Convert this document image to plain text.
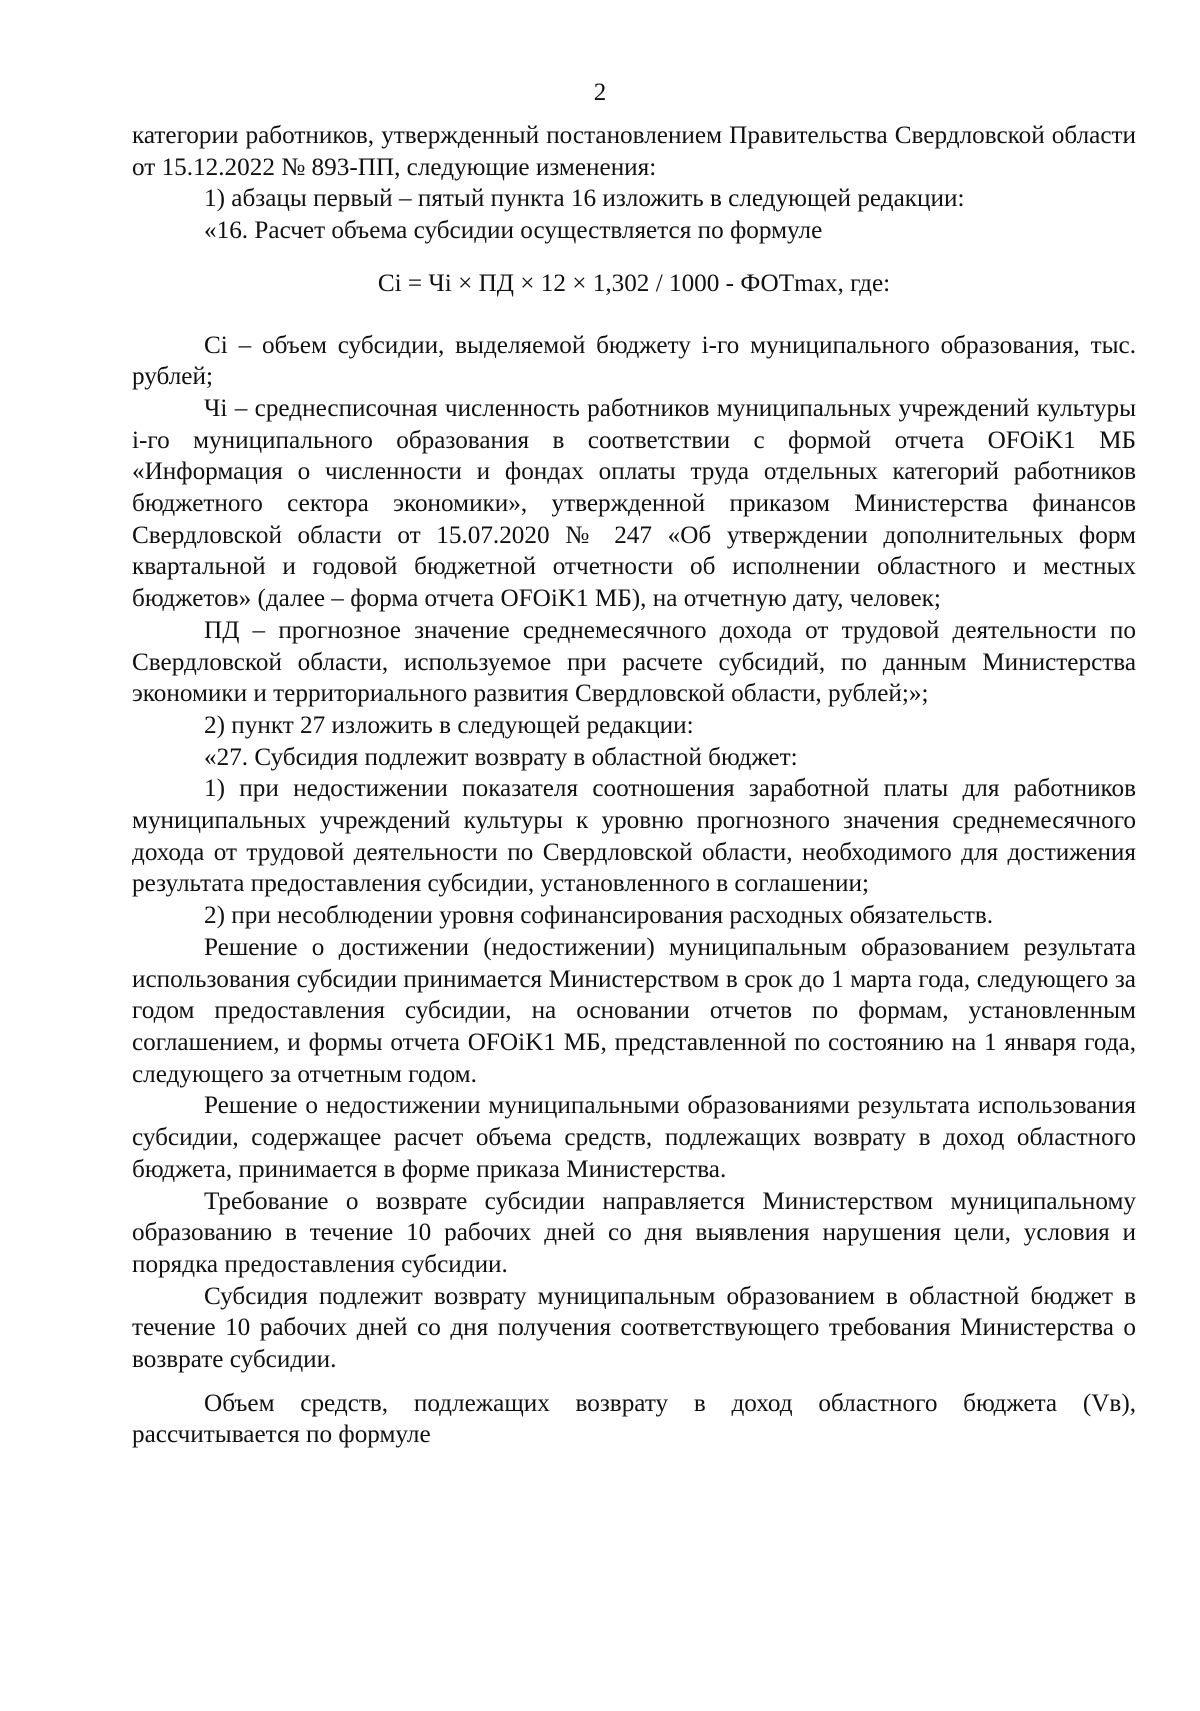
2

категории работников, утвержденный постановлением Правительства Свердловской области от 15.12.2022 № 893-ПП, следующие изменения:

1) абзацы первый – пятый пункта 16 изложить в следующей редакции:

«16. Расчет объема субсидии осуществляется по формуле

Ci = Чi × ПД × 12 × 1,302 / 1000 - ФОТmax, где:

Ci – объем субсидии, выделяемой бюджету i-го муниципального образования, тыс. рублей;

Чi – среднесписочная численность работников муниципальных учреждений культуры i-го муниципального образования в соответствии с формой отчета OFOiK1 МБ «Информация о численности и фондах оплаты труда отдельных категорий работников бюджетного сектора экономики», утвержденной приказом Министерства финансов Свердловской области от 15.07.2020 № 247 «Об утверждении дополнительных форм квартальной и годовой бюджетной отчетности об исполнении областного и местных бюджетов» (далее – форма отчета OFOiK1 МБ), на отчетную дату, человек;

ПД – прогнозное значение среднемесячного дохода от трудовой деятельности по Свердловской области, используемое при расчете субсидий, по данным Министерства экономики и территориального развития Свердловской области, рублей;»;

2) пункт 27 изложить в следующей редакции:

«27. Субсидия подлежит возврату в областной бюджет:

1) при недостижении показателя соотношения заработной платы для работников муниципальных учреждений культуры к уровню прогнозного значения среднемесячного дохода от трудовой деятельности по Свердловской области, необходимого для достижения результата предоставления субсидии, установленного в соглашении;

2) при несоблюдении уровня софинансирования расходных обязательств.

Решение о достижении (недостижении) муниципальным образованием результата использования субсидии принимается Министерством в срок до 1 марта года, следующего за годом предоставления субсидии, на основании отчетов по формам, установленным соглашением, и формы отчета OFOiK1 МБ, представленной по состоянию на 1 января года, следующего за отчетным годом.

Решение о недостижении муниципальными образованиями результата использования субсидии, содержащее расчет объема средств, подлежащих возврату в доход областного бюджета, принимается в форме приказа Министерства.

Требование о возврате субсидии направляется Министерством муниципальному образованию в течение 10 рабочих дней со дня выявления нарушения цели, условия и порядка предоставления субсидии.

Субсидия подлежит возврату муниципальным образованием в областной бюджет в течение 10 рабочих дней со дня получения соответствующего требования Министерства о возврате субсидии.

Объем средств, подлежащих возврату в доход областного бюджета (Vв), рассчитывается по формуле
